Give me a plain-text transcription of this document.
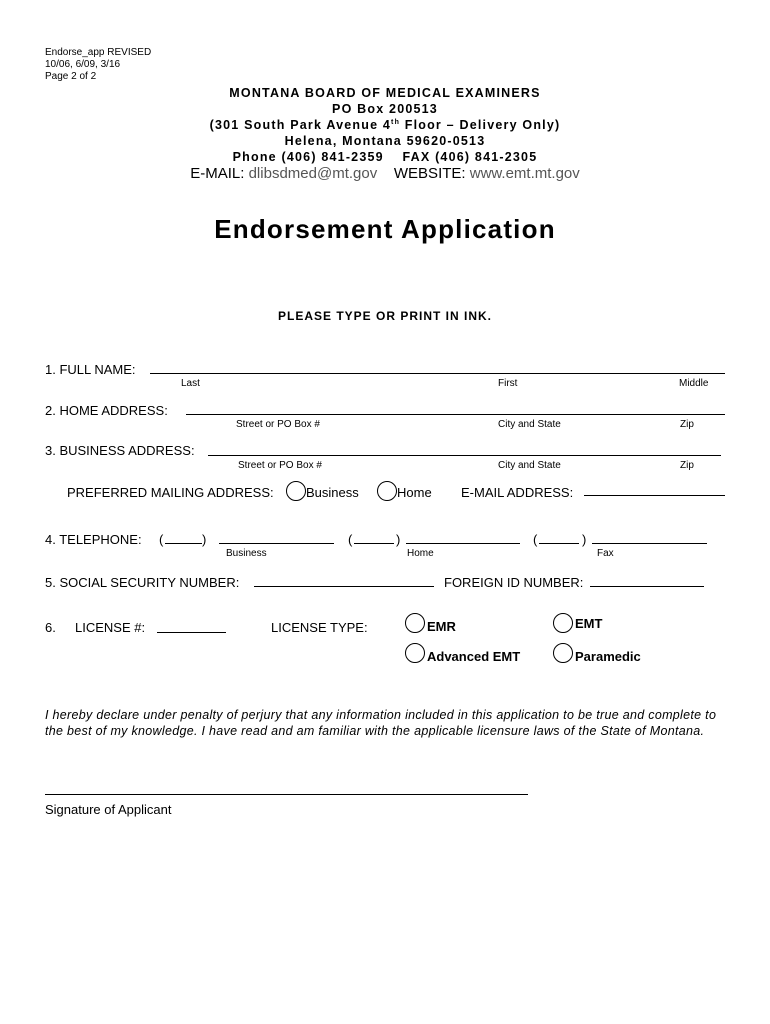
Endorse_app REVISED
10/06, 6/09, 3/16
Page 2 of 2
MONTANA BOARD OF MEDICAL EXAMINERS
PO Box 200513
(301 South Park Avenue 4th Floor – Delivery Only)
Helena, Montana 59620-0513
Phone (406) 841-2359    FAX (406) 841-2305
E-MAIL: dlibsdmed@mt.gov WEBSITE: www.emt.mt.gov
Endorsement Application
PLEASE TYPE OR PRINT IN INK.
1. FULL NAME:
Last	First	Middle
2. HOME ADDRESS:
Street or PO Box #	City and State	Zip
3. BUSINESS ADDRESS:
Street or PO Box #	City and State	Zip
PREFERRED MAILING ADDRESS: Business	Home E-MAIL ADDRESS:
4. TELEPHONE: (	)
Business
(	)
Home
(	)
Fax
5. SOCIAL SECURITY NUMBER:	FOREIGN ID NUMBER:
6. LICENSE #:	LICENSE TYPE:	EMR	EMT
Advanced EMT	Paramedic
I hereby declare under penalty of perjury that any information included in this application to be true and complete to the best of my knowledge. I have read and am familiar with the applicable licensure laws of the State of Montana.
Signature of Applicant
